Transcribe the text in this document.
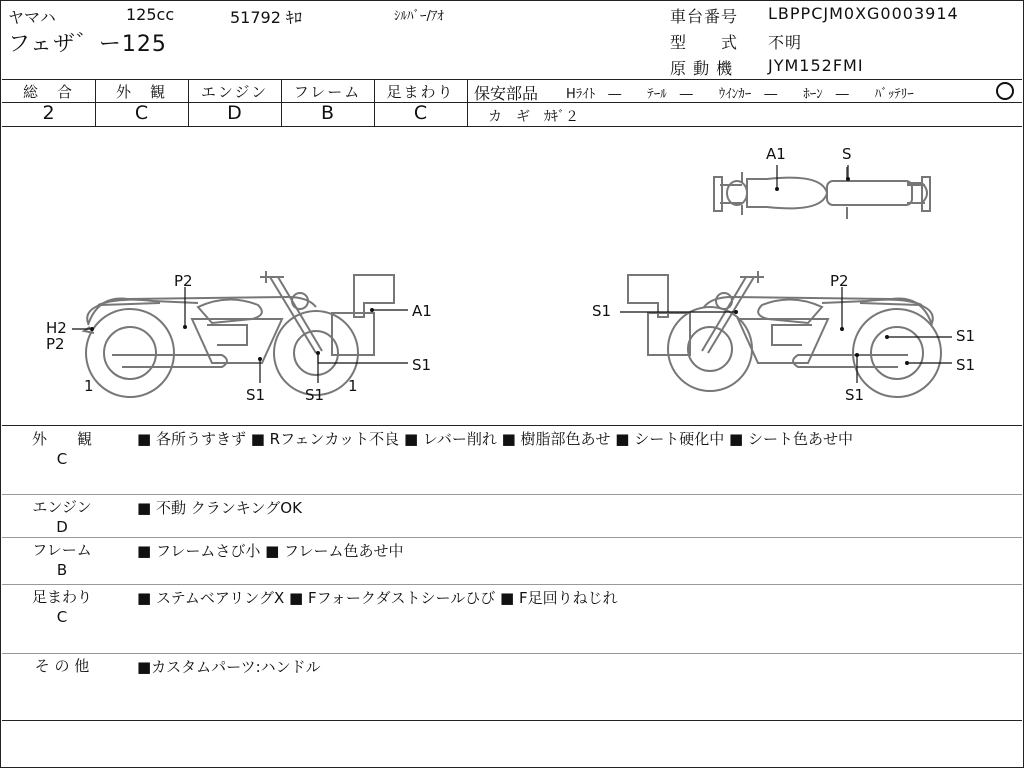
ヤマハ	125cc	51792 ｷﾛ	ｼﾙﾊﾞｰ/ｱｵ
フェザ゛ー125
車台番号 LBPPCJM0XG0003914
型　　式 不明
原 動 機 JYM152FMI
総　合
2
外　観
C
エンジン
D
フレーム
B
足まわり
C
保安部品 Hﾗｲﾄ　―　　ﾃｰﾙ　―　　ｳｲﾝｶｰ　―　　ﾎｰﾝ　―　　ﾊﾞｯﾃﾘｰ
カ　ギ　ｶｷﾞ２
A1	S
P2
H2
P2
1
A1
S1
S1	S1 1
P2
S1
S1
S1
S1
外　　観
C
■ 各所うすきず ■ Rフェンカット不良 ■ レバー削れ ■ 樹脂部色あせ ■ シート硬化中 ■ シート色あせ中
エンジン
D
■ 不動 クランキングOK
フレーム
B
■ フレームさび小 ■ フレーム色あせ中
足まわり
C
■ ステムベアリングX ■ Fフォークダストシールひび ■ F足回りねじれ
そ の 他	■カスタムパーツ:ハンドル
